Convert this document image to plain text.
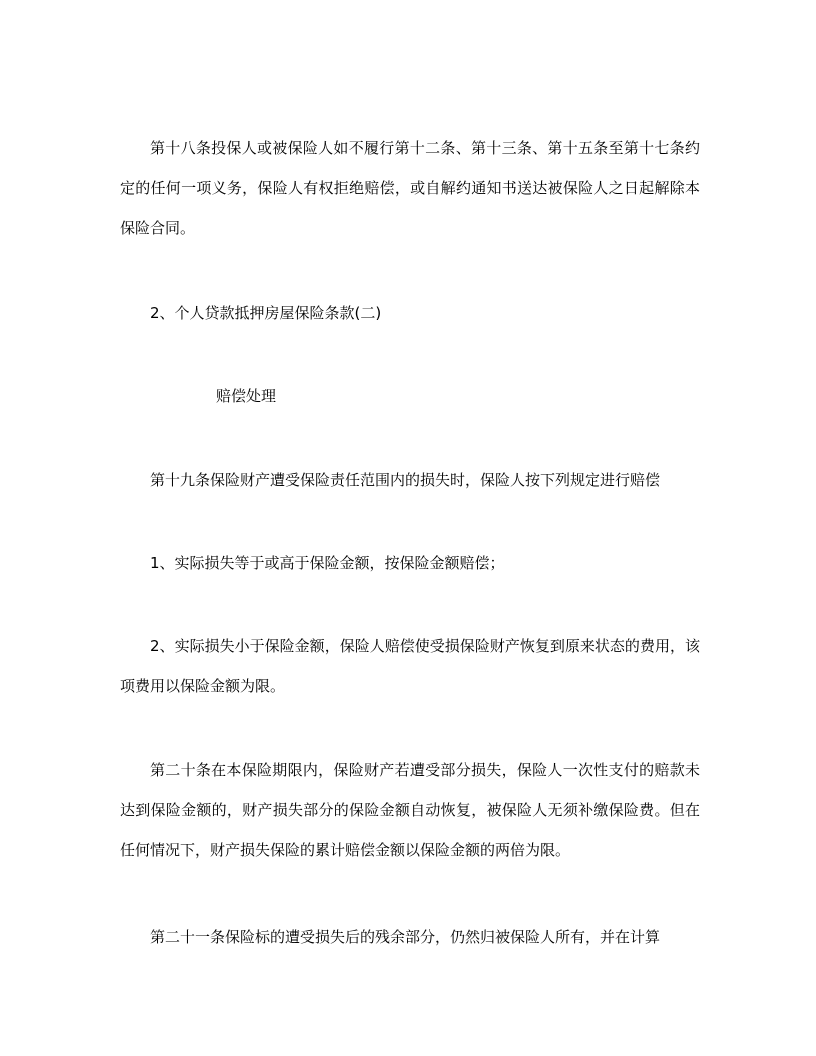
第十八条投保人或被保险人如不履行第十二条、第十三条、第十五条至第十七条约定的任何一项义务，保险人有权拒绝赔偿，或自解约通知书送达被保险人之日起解除本保险合同。

2、个人贷款抵押房屋保险条款(二)

赔偿处理

第十九条保险财产遭受保险责任范围内的损失时，保险人按下列规定进行赔偿

1、实际损失等于或高于保险金额，按保险金额赔偿；

2、实际损失小于保险金额，保险人赔偿使受损保险财产恢复到原来状态的费用，该项费用以保险金额为限。

第二十条在本保险期限内，保险财产若遭受部分损失，保险人一次性支付的赔款未达到保险金额的，财产损失部分的保险金额自动恢复，被保险人无须补缴保险费。但在任何情况下，财产损失保险的累计赔偿金额以保险金额的两倍为限。

第二十一条保险标的遭受损失后的残余部分，仍然归被保险人所有，并在计算
